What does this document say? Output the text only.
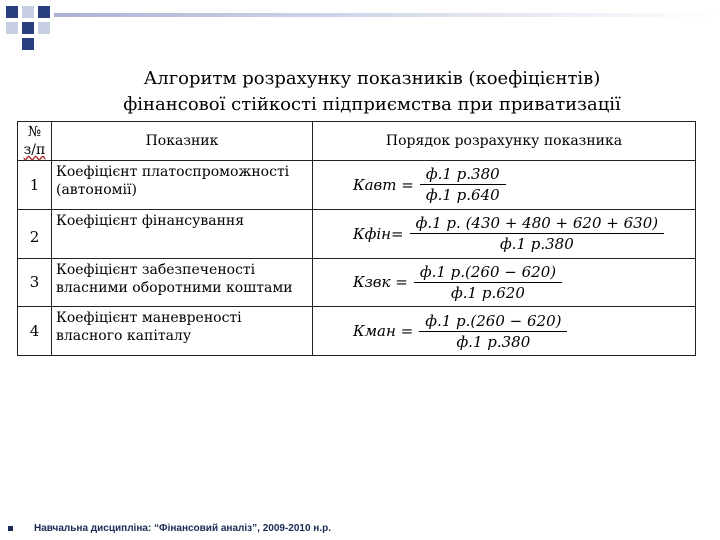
Алгоритм розрахунку показників (коефіцієнтів)
фінансової стійкості підприємства при приватизації
№
з/п	Показник	Порядок розрахунку показника
1	Коефіцієнт платоспроможності (автономії)	Кавт =
ф.1 р.380
ф.1 р.640

2	Коефіцієнт фінансування	Кфін=
ф.1 р. (430 + 480 + 620 + 630)
ф.1 р.380

3	Коефіцієнт забезпеченості власними оборотними коштами	Кзвк =
ф.1 р.(260 − 620)
ф.1 р.620

4	Коефіцієнт маневреності власного капіталу	Кман =
ф.1 р.(260 − 620)
ф.1 р.380
Навчальна дисципліна: “Фінансовий аналіз”, 2009-2010 н.р.
